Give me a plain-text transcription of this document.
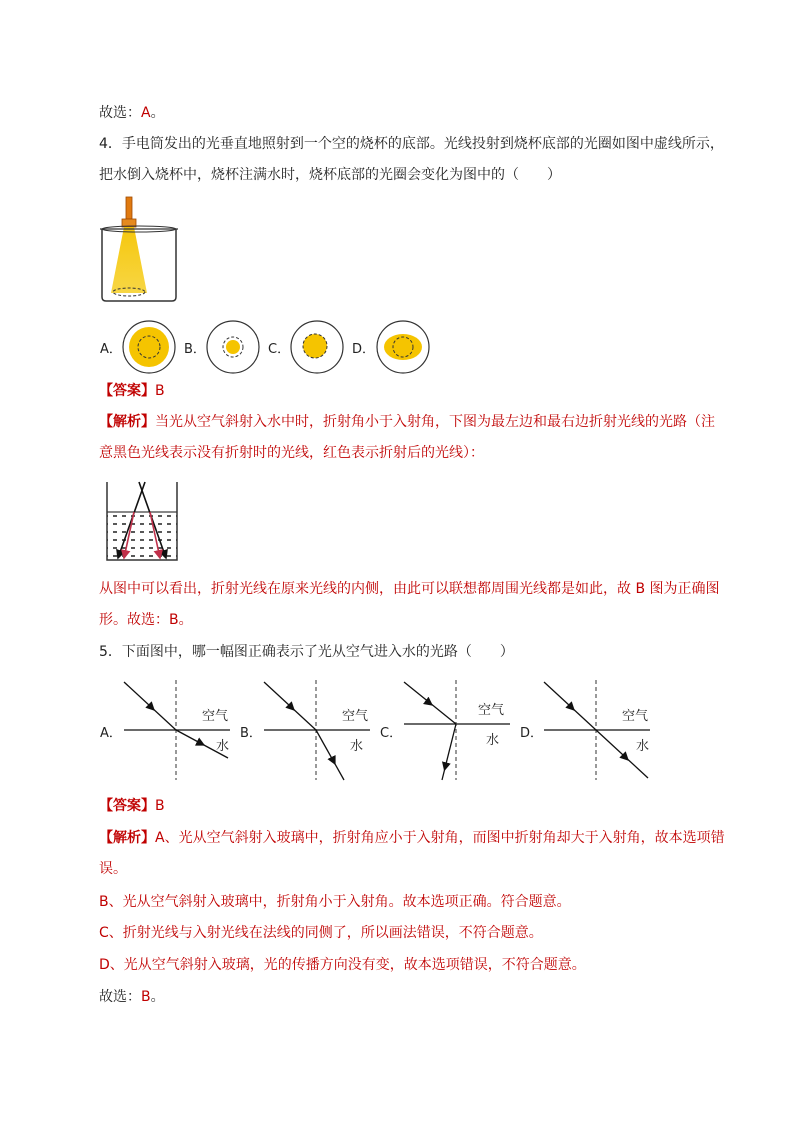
故选：A。
4．手电筒发出的光垂直地照射到一个空的烧杯的底部。光线投射到烧杯底部的光圈如图中虚线所示，
把水倒入烧杯中，烧杯注满水时，烧杯底部的光圈会变化为图中的（　　）
A．	B．	C．	D．
【答案】B
【解析】当光从空气斜射入水中时，折射角小于入射角，下图为最左边和最右边折射光线的光路（注
意黑色光线表示没有折射时的光线，红色表示折射后的光线）：
从图中可以看出，折射光线在原来光线的内侧，由此可以联想都周围光线都是如此，故 B 图为正确图
形。故选：B。
5．下面图中，哪一幅图正确表示了光从空气进入水的光路（　　）
A．
空气
水
B．
空气
水
C．
空气
水 D．
空气
水
【答案】B
【解析】A、光从空气斜射入玻璃中，折射角应小于入射角，而图中折射角却大于入射角，故本选项错
误。
B、光从空气斜射入玻璃中，折射角小于入射角。故本选项正确。符合题意。
C、折射光线与入射光线在法线的同侧了，所以画法错误，不符合题意。
D、光从空气斜射入玻璃，光的传播方向没有变，故本选项错误，不符合题意。
故选：B。
